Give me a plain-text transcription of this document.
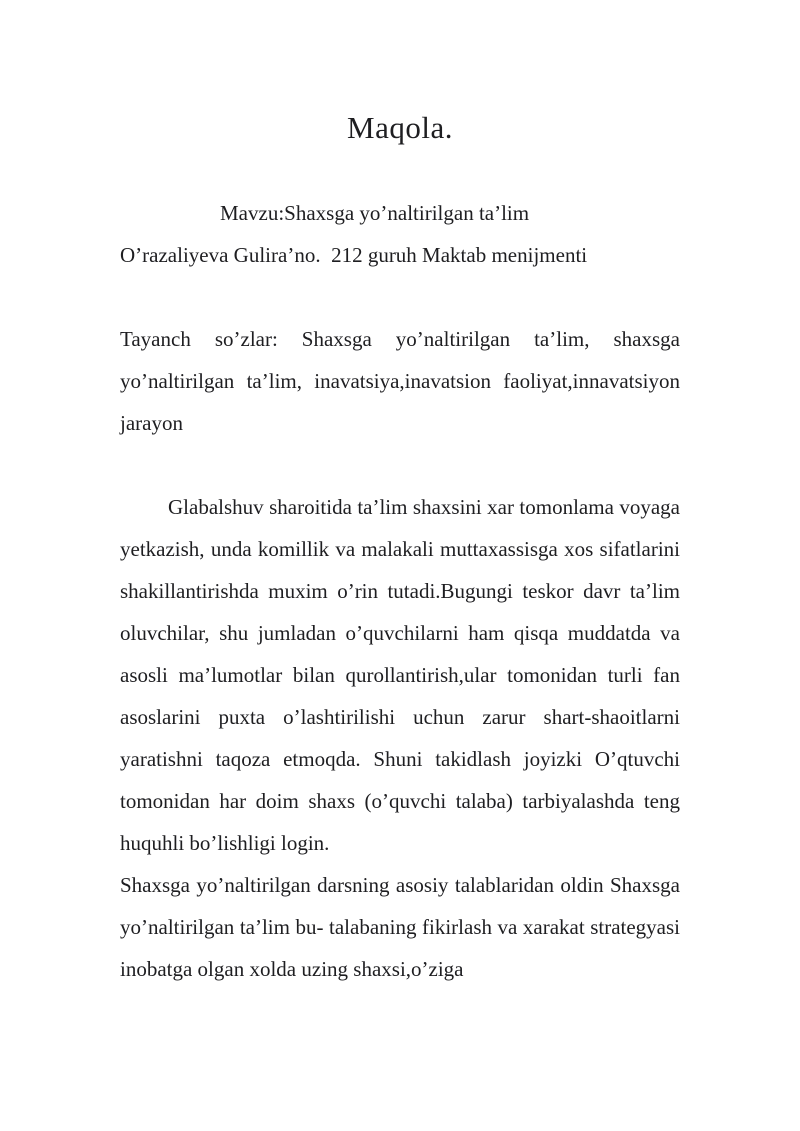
Maqola.

Mavzu:Shaxsga yo’naltirilgan ta’lim

O’razaliyeva Gulira’no.  212 guruh Maktab menijmenti

Tayanch so’zlar: Shaxsga yo’naltirilgan ta’lim, shaxsga yo’naltirilgan ta’lim, inavatsiya,inavatsion faoliyat,innavatsiyon jarayon

Glabalshuv sharoitida ta’lim shaxsini xar tomonlama voyaga yetkazish, unda komillik va malakali muttaxassisga xos sifatlarini shakillantirishda muxim o’rin tutadi.Bugungi teskor davr ta’lim oluvchilar, shu jumladan o’quvchilarni ham qisqa muddatda va asosli ma’lumotlar bilan qurollantirish,ular tomonidan turli fan asoslarini puxta o’lashtirilishi uchun zarur shart-shaoitlarni yaratishni taqoza etmoqda. Shuni takidlash joyizki O’qtuvchi tomonidan har doim shaxs (o’quvchi talaba) tarbiyalashda teng huquhli bo’lishligi login.

Shaxsga yo’naltirilgan darsning asosiy talablaridan oldin Shaxsga yo’naltirilgan ta’lim bu- talabaning fikirlash va xarakat strategyasi inobatga olgan xolda uzing shaxsi,o’ziga
